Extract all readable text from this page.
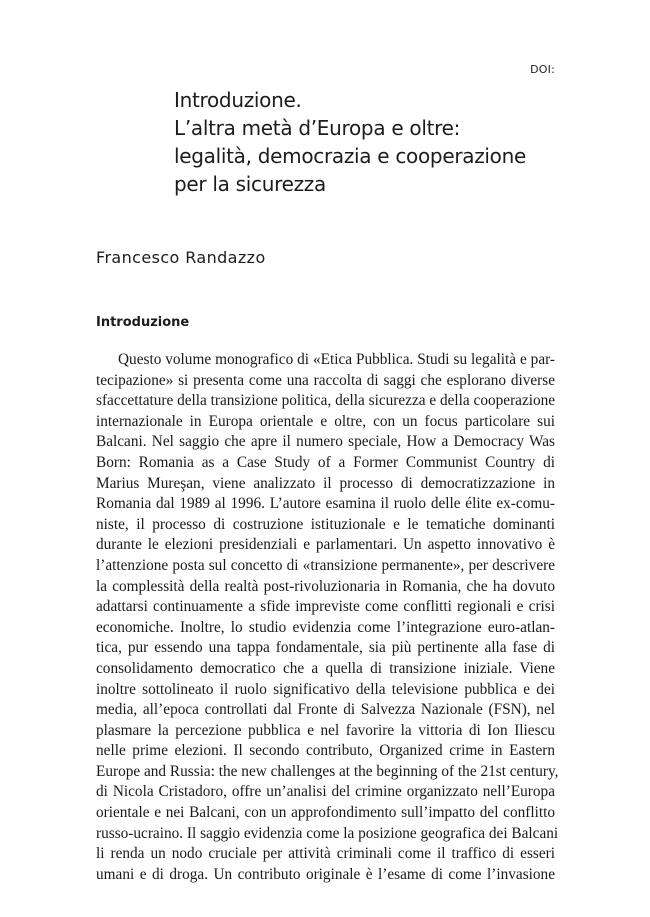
DOI:
Introduzione.
L’altra metà d’Europa e oltre:
legalità, democrazia e cooperazione
per la sicurezza
Francesco Randazzo
Introduzione
Questo volume monografico di «Etica Pubblica. Studi su legalità e par-
tecipazione» si presenta come una raccolta di saggi che esplorano diverse
sfaccettature della transizione politica, della sicurezza e della cooperazione
internazionale in Europa orientale e oltre, con un focus particolare sui
Balcani. Nel saggio che apre il numero speciale, How a Democracy Was
Born: Romania as a Case Study of a Former Communist Country di
Marius Mureşan, viene analizzato il processo di democratizzazione in
Romania dal 1989 al 1996. L’autore esamina il ruolo delle élite ex-comu-
niste, il processo di costruzione istituzionale e le tematiche dominanti
durante le elezioni presidenziali e parlamentari. Un aspetto innovativo è
l’attenzione posta sul concetto di «transizione permanente», per descrivere
la complessità della realtà post-rivoluzionaria in Romania, che ha dovuto
adattarsi continuamente a sfide impreviste come conflitti regionali e crisi
economiche. Inoltre, lo studio evidenzia come l’integrazione euro-atlan-
tica, pur essendo una tappa fondamentale, sia più pertinente alla fase di
consolidamento democratico che a quella di transizione iniziale. Viene
inoltre sottolineato il ruolo significativo della televisione pubblica e dei
media, all’epoca controllati dal Fronte di Salvezza Nazionale (FSN), nel
plasmare la percezione pubblica e nel favorire la vittoria di Ion Iliescu
nelle prime elezioni. Il secondo contributo, Organized crime in Eastern
Europe and Russia: the new challenges at the beginning of the 21st century,
di Nicola Cristadoro, offre un’analisi del crimine organizzato nell’Europa
orientale e nei Balcani, con un approfondimento sull’impatto del conflitto
russo-ucraino. Il saggio evidenzia come la posizione geografica dei Balcani
li renda un nodo cruciale per attività criminali come il traffico di esseri
umani e di droga. Un contributo originale è l’esame di come l’invasione
